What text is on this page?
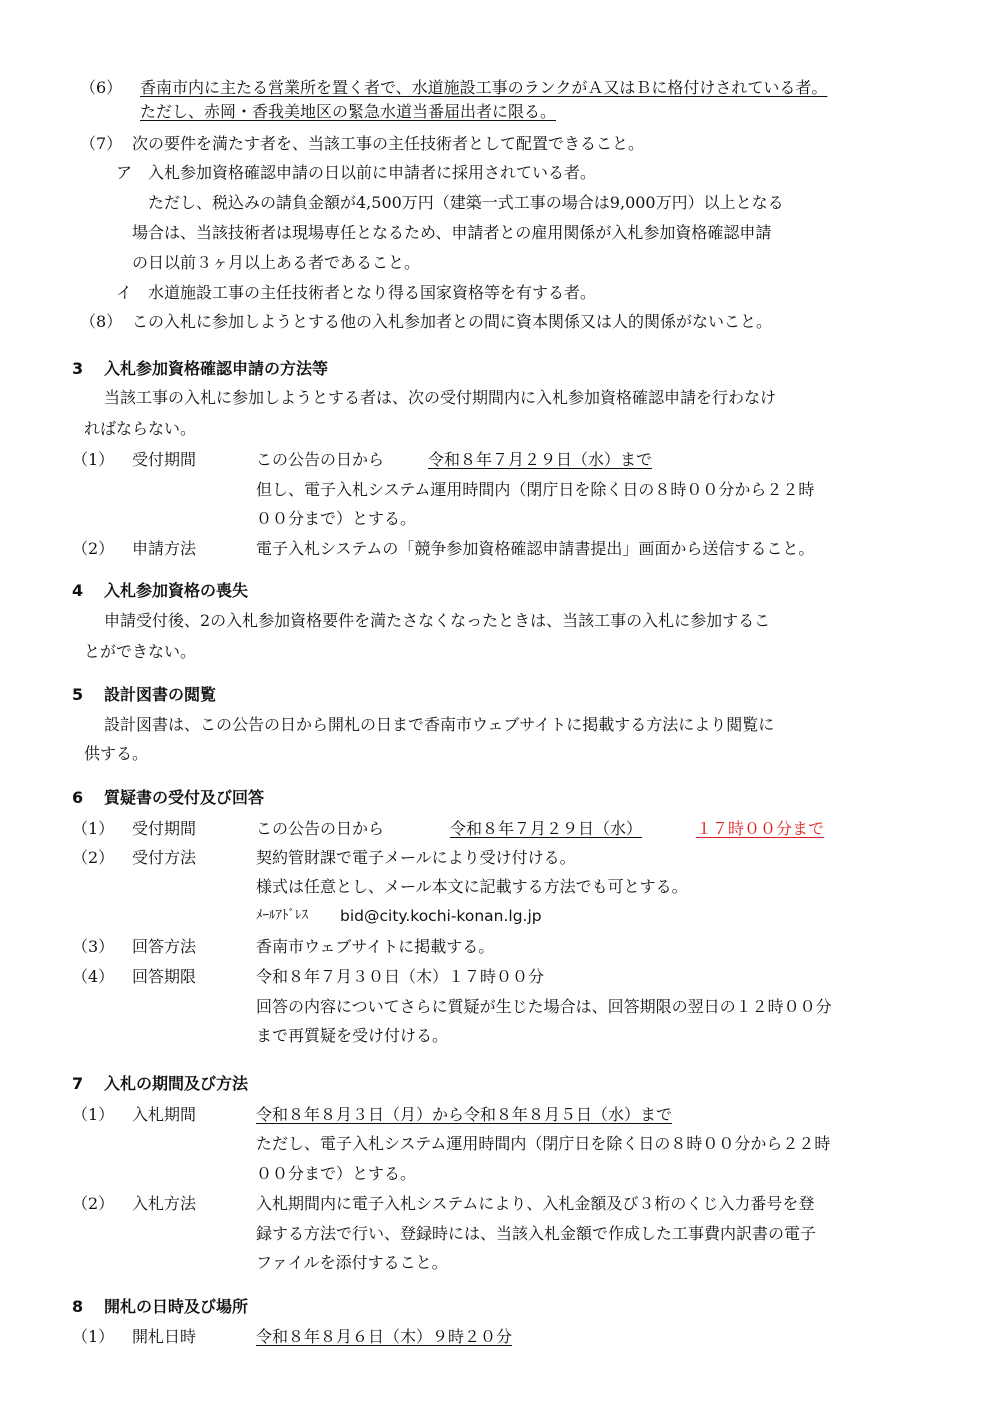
（6） 香南市内に主たる営業所を置く者で、水道施設工事のランクがＡ又はＢに格付けされている者。
ただし、赤岡・香我美地区の緊急水道当番届出者に限る。
（7） 次の要件を満たす者を、当該工事の主任技術者として配置できること。
ア 入札参加資格確認申請の日以前に申請者に採用されている者。
ただし、税込みの請負金額が4,500万円（建築一式工事の場合は9,000万円）以上となる
場合は、当該技術者は現場専任となるため、申請者との雇用関係が入札参加資格確認申請
の日以前３ヶ月以上ある者であること。
イ 水道施設工事の主任技術者となり得る国家資格等を有する者。
（8） この入札に参加しようとする他の入札参加者との間に資本関係又は人的関係がないこと。
3 入札参加資格確認申請の方法等
当該工事の入札に参加しようとする者は、次の受付期間内に入札参加資格確認申請を行わなけ
ればならない。
（1） 受付期間	この公告の日から	令和８年７月２９日（水）まで
但し、電子入札システム運用時間内（閉庁日を除く日の８時００分から２２時
００分まで）とする。
（2） 申請方法	電子入札システムの「競争参加資格確認申請書提出」画面から送信すること。
4 入札参加資格の喪失
申請受付後、2の入札参加資格要件を満たさなくなったときは、当該工事の入札に参加するこ
とができない。
5 設計図書の閲覧
設計図書は、この公告の日から開札の日まで香南市ウェブサイトに掲載する方法により閲覧に
供する。
6 質疑書の受付及び回答
（1） 受付期間	この公告の日から	令和８年７月２９日（水）	１７時００分まで
（2） 受付方法	契約管財課で電子メールにより受け付ける。
様式は任意とし、メール本文に記載する方法でも可とする。
ﾒｰﾙｱﾄﾞﾚｽ bid@city.kochi-konan.lg.jp
（3） 回答方法	香南市ウェブサイトに掲載する。
（4） 回答期限	令和８年７月３０日（木）１７時００分
回答の内容についてさらに質疑が生じた場合は、回答期限の翌日の１２時００分
まで再質疑を受け付ける。
7 入札の期間及び方法
（1） 入札期間	令和８年８月３日（月）から令和８年８月５日（水）まで
ただし、電子入札システム運用時間内（閉庁日を除く日の８時００分から２２時
００分まで）とする。
（2） 入札方法	入札期間内に電子入札システムにより、入札金額及び３桁のくじ入力番号を登
録する方法で行い、登録時には、当該入札金額で作成した工事費内訳書の電子
ファイルを添付すること。
8 開札の日時及び場所
（1） 開札日時	令和８年８月６日（木）９時２０分
